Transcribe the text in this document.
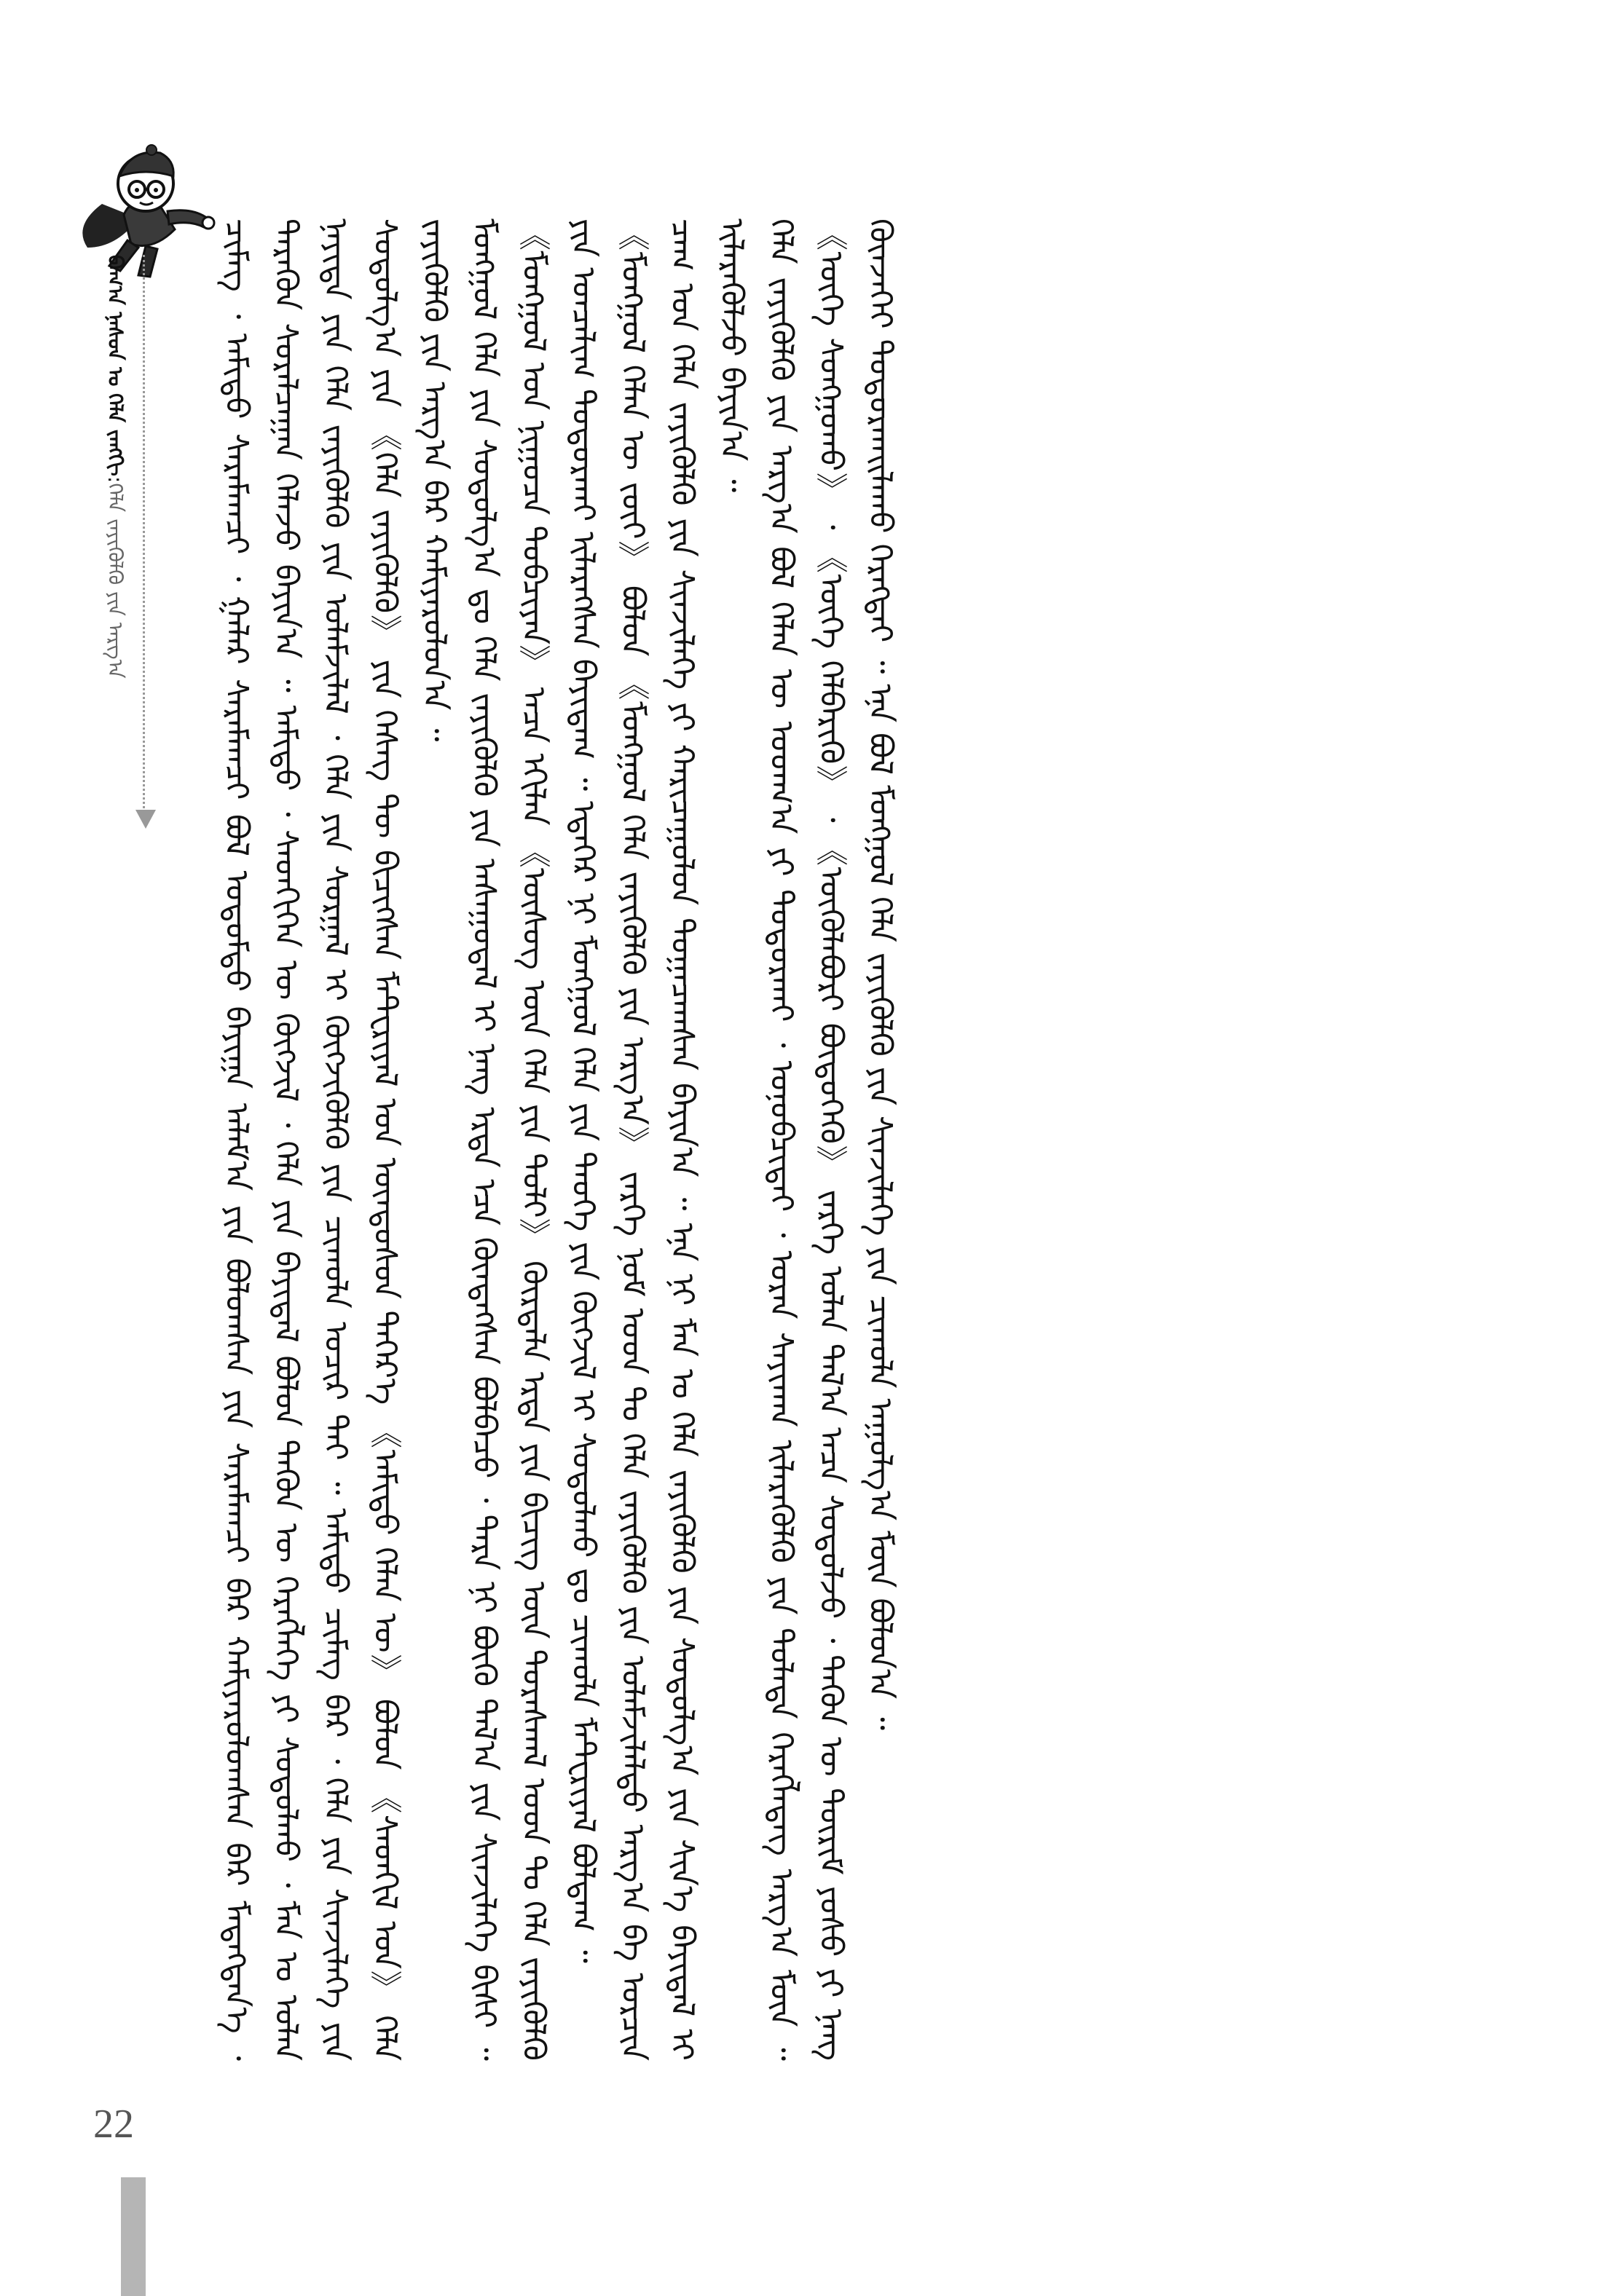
ᠪᠠᠭ᠎ᠠ ᠨᠠᠰᠤᠨ ᠤ ᠬᠡᠯᠡ ᠵᠠᠩᠬᠢ:ᠬᠡᠯᠡ ᠵᠡᠶᠢᠭᠦᠯᠬᠦ ᠶᠢᠨ ᠠᠷᠭ᠎ᠠ	ᠴᠢᠮᠡᠭ᠌ ᠂ ᠠᠮᠢᠳᠤ ᠰᠠᠷᠠᠮᠠᠭᠴᠢ ᠂ ᠭᠠᠯᠠᠷ ᠰᠠᠷᠠᠮᠠᠭᠴᠢ ᠪᠣᠯ ᠣᠳᠣᠮᠲᠤ ᠪᠠᠶᠢᠭᠠ ᠠᠯᠠᠮ᠎ᠠ ᠶᠢᠨ ᠪᠣᠯᠤᠭᠰᠠᠨ ᠶᠢᠨ ᠰᠠᠷᠠᠮᠠᠭᠴᠢ ᠪᠠᠷ ᠬᠠᠮᠢᠶᠠᠷᠤᠯᠤᠭᠰᠠᠨ ᠪᠡᠷ ᠮᠡᠳᠡᠭᠳᠡᠨ᠎ᠡ ᠂ ᠲᠡᠷᠡᠭᠦᠨ ᠰᠤᠷᠠᠯᠴᠠᠭᠠᠨ ᠬᠡᠯᠡᠵᠦ ᠪᠠᠶᠢᠨ᠎ᠠ ᠃ ᠠᠮᠢᠳᠤ ᠂ ᠰᠡᠳᠬᠢᠭᠡᠨ ᠦ ᠬᠥᠭᠵᠢᠯ ᠂ ᠬᠡᠯᠡ ᠶᠢᠨ ᠪᠠᠶᠢᠳᠠᠯ ᠪᠣᠯᠤᠨ ᠲᠡᠭᠦᠨ ᠦ ᠬᠡᠷᠡᠭᠯᠡᠭᠡ ᠶᠢ ᠰᠤᠳᠤᠯᠬᠤ ᠂ ᠮᠠᠨ ᠤ ᠣᠯᠠᠨ ᠨᠡᠶᠢᠲᠡ ᠶᠢᠨ ᠬᠡᠯᠡ ᠵᠡᠶᠢᠭᠦᠯᠬᠦ ᠶᠢᠨ ᠤᠯᠠᠮᠵᠢᠯᠠᠯ ᠂ ᠬᠡᠯᠡ ᠶᠢᠨ ᠰᠤᠷᠭᠠᠯ ᠢ ᠬᠥᠭᠵᠢᠭᠦᠯᠬᠦ ᠶᠢᠨ ᠴᠢᠬᠤᠯᠠ ᠤᠴᠢᠷ ᠲᠠᠢ ᠃ ᠠᠮᠢᠳᠤ ᠴᠢᠮᠡᠭ᠌ ᠪᠠᠷ ᠂ ᠬᠡᠯᠡ ᠶᠢᠨ ᠰᠢᠨᠵᠢᠯᠡᠭᠡ ᠶᠢᠨ ᠰᠤᠳᠤᠯᠭ᠎ᠠ ᠶᠢᠨ 《ᠬᠡᠯᠡ ᠵᠡᠶᠢᠭᠦᠯᠬᠦ》 ᠶᠢᠨ ᠬᠡᠰᠡᠭ ᠲᠦ ᠪᠢᠴᠢᠭᠰᠡᠨ ᠮᠠᠲ᠋ᠸᠷᠢᠶᠠᠯ ᠤᠨ ᠦᠨᠳᠦᠰᠦᠨ ᠳᠡᠭᠡᠷ᠎ᠡ 《ᠠᠮᠢᠳᠤ ᠬᠡᠯᠡᠨ ᠦ》 ᠪᠣᠯᠤᠨ 《ᠰᠡᠳᠬᠢᠯ ᠤᠨ》 ᠬᠡᠯᠡ ᠵᠡᠶᠢᠭᠦᠯᠬᠦ ᠶᠢᠨ ᠠᠷᠭ᠎ᠠ ᠪᠡᠷ ᠬᠠᠮᠢᠶᠠᠷᠤᠯᠤᠨ᠎ᠠ ᠃ ᠮᠣᠩᠭᠣᠯ ᠬᠡᠯᠡ ᠶᠢᠨ ᠰᠤᠳᠤᠯᠭ᠎ᠠ ᠳᠤ ᠬᠡᠯᠡ ᠵᠡᠶᠢᠭᠦᠯᠬᠦ ᠶᠢᠨ ᠠᠰᠠᠭᠤᠳᠠᠯ ᠢ ᠨᠡᠩ ᠡᠷᠲᠡ ᠡᠴᠡ ᠬᠥᠨᠳᠡᠭᠰᠡᠨ ᠪᠣᠯᠪᠠᠴᠤ ᠂ ᠲᠡᠷᠡ ᠨᠢ ᠪᠦᠬᠦ ᠲᠠᠯ᠎ᠠ ᠶᠢᠨ ᠰᠢᠨᠵᠢᠯᠡᠭᠡ ᠪᠢᠰᠢ ᠃ 《ᠮᠣᠩᠭᠣᠯ ᠤᠨ ᠨᠢᠭᠤᠴᠠ ᠲᠣᠪᠴᠢᠶᠠᠨ》 ᠠᠴᠠ ᠡᠬᠢᠯᠡᠨ 《ᠦᠰᠦᠭ ᠦᠨ ᠬᠡᠯᠡ ᠶᠢᠨ ᠲᠣᠯᠢ》 ᠬᠦᠷᠲᠡᠯᠡ ᠡᠷᠲᠡ ᠶᠢᠨ ᠪᠢᠴᠢᠭ ᠦᠨ ᠳᠤᠷᠠᠰᠬᠠᠯ ᠤᠳ ᠲᠤ ᠬᠡᠯᠡ ᠵᠡᠶᠢᠭᠦᠯᠬᠦ ᠶᠢᠨ ᠣᠨᠴᠠᠯᠢᠭ ᠲᠣᠳᠣᠷᠬᠠᠢ ᠢᠯᠡᠷᠡᠭᠰᠡᠨ ᠪᠠᠶᠢᠳᠠᠭ ᠃ ᠡᠳᠡᠭᠡᠷ ᠨᠢ ᠮᠣᠩᠭᠣᠯ ᠬᠡᠯᠡ ᠶᠢᠨ ᠲᠡᠦᠬᠡ ᠶᠢᠨ ᠬᠥᠭᠵᠢᠯ ᠢ ᠰᠤᠳᠤᠯᠬᠤ ᠳᠤ ᠴᠢᠬᠤᠯᠠ ᠮᠠᠲ᠋ᠸᠷᠢᠶᠠᠯ ᠪᠣᠯᠳᠠᠭ ᠃ 《ᠮᠣᠩᠭᠣᠯ ᠬᠡᠯᠡᠨ ᠦ ᠵᠦᠢ》 ᠪᠣᠯᠤᠨ 《ᠮᠣᠩᠭᠣᠯ ᠬᠡᠯᠡ ᠵᠡᠶᠢᠭᠦᠯᠬᠦ ᠶᠢᠨ ᠠᠷᠭ᠎ᠠ》 ᠵᠡᠷᠭᠡ ᠨᠣᠮ ᠤᠳ ᠲᠤ ᠬᠡᠯᠡ ᠵᠡᠶᠢᠭᠦᠯᠬᠦ ᠶᠢᠨ ᠤᠯᠠᠮᠵᠢᠯᠠᠯᠲᠤ ᠠᠷᠭ᠎ᠠ ᠪᠠ ᠣᠷᠴᠢᠨ ᠴᠠᠭ ᠤᠨ ᠬᠡᠯᠡ ᠵᠡᠶᠢᠭᠦᠯᠬᠦ ᠶᠢᠨ ᠰᠢᠨᠵᠢᠯᠡᠭᠡ ᠶᠢ ᠬᠠᠷᠢᠴᠠᠭᠤᠯᠤᠨ ᠲᠣᠭᠠᠴᠠᠭᠰᠠᠨ ᠪᠠᠶᠢᠨ᠎ᠠ ᠃ ᠡᠨᠡ ᠨᠢ ᠮᠠᠨ ᠤ ᠬᠡᠯᠡ ᠵᠡᠶᠢᠭᠦᠯᠬᠦ ᠶᠢᠨ ᠰᠤᠳᠤᠯᠭ᠎ᠠ ᠶᠢᠨ ᠰᠢᠨ᠎ᠡ ᠪᠠᠶᠢᠳᠠᠯ ᠢ ᠢᠯᠡᠷᠡᠭᠦᠯᠵᠦ ᠪᠠᠶᠢᠨ᠎ᠠ ᠃ ᠬᠡᠯᠡ ᠵᠡᠶᠢᠭᠦᠯᠬᠦ ᠶᠢᠨ ᠠᠷᠭ᠎ᠠ ᠪᠣᠯ ᠬᠡᠯᠡᠨ ᠦ ᠤᠳᠬ᠎ᠠ ᠶᠢ ᠲᠣᠳᠣᠷᠬᠠᠢ ᠂ ᠣᠨᠣᠪᠴᠢᠲᠠᠢ ᠂ ᠤᠷᠠᠨ ᠰᠠᠶᠢᠬᠠᠨ ᠢᠯᠡᠷᠡᠭᠦᠯᠬᠦ ᠶᠢᠨ ᠲᠤᠯᠠᠳᠠ ᠬᠡᠷᠡᠭᠯᠡᠳᠡᠭ ᠠᠷᠭ᠎ᠠ ᠮᠥᠨ ᠃ 《ᠦᠭᠡ ᠰᠣᠩᠭᠣᠬᠤ》 ᠂ 《ᠦᠭᠡ ᠬᠡᠯᠪᠡᠷᠢᠬᠦ》 ᠂ 《ᠦᠭᠦᠯᠡᠪᠦᠷᠢ ᠪᠦᠲᠦᠭᠡᠬᠦ》 ᠵᠡᠷᠭᠡ ᠣᠯᠠᠨ ᠲᠠᠯ᠎ᠠ ᠠᠴᠠ ᠰᠤᠳᠤᠯᠵᠤ ᠂ ᠲᠡᠭᠦᠨ ᠦ ᠳᠦᠷᠢᠮ ᠶᠣᠰᠣ ᠶᠢ ᠨᠡᠩ ᠭᠦᠨᠵᠡᠭᠡᠢ ᠲᠣᠳᠣᠷᠬᠠᠢᠯᠠᠬᠤ ᠬᠡᠷᠡᠭᠲᠡᠢ ᠃ ᠡᠨᠡ ᠪᠣᠯ ᠮᠣᠩᠭᠣᠯ ᠬᠡᠯᠡ ᠵᠡᠶᠢᠭᠦᠯᠬᠦ ᠶᠢᠨ ᠰᠢᠨᠵᠢᠯᠡᠭᠡ ᠶᠢᠨ ᠴᠢᠬᠤᠯᠠ ᠠᠭᠤᠯᠭ᠎ᠠ ᠮᠥᠨ ᠪᠣᠯᠤᠨ᠎ᠠ ᠃

22
